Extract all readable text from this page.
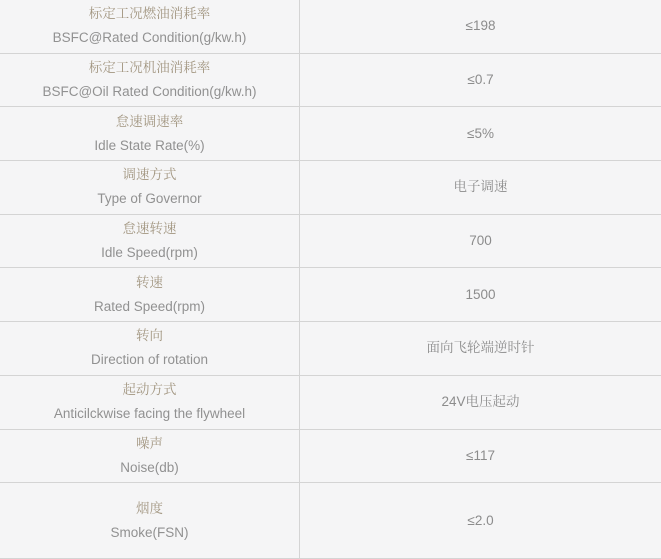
标定工况燃油消耗率
BSFC@Rated Condition(g/kw.h)
≤198
标定工况机油消耗率
BSFC@Oil Rated Condition(g/kw.h)
≤0.7
怠速调速率
Idle State Rate(%)
≤5%
调速方式
Type of Governor
电子调速
怠速转速
Idle Speed(rpm)
700
转速
Rated Speed(rpm)
1500
转向
Direction of rotation
面向飞轮端逆时针
起动方式
Anticilckwise facing the flywheel
24V电压起动
噪声
Noise(db)
≤117
烟度
Smoke(FSN)
≤2.0
